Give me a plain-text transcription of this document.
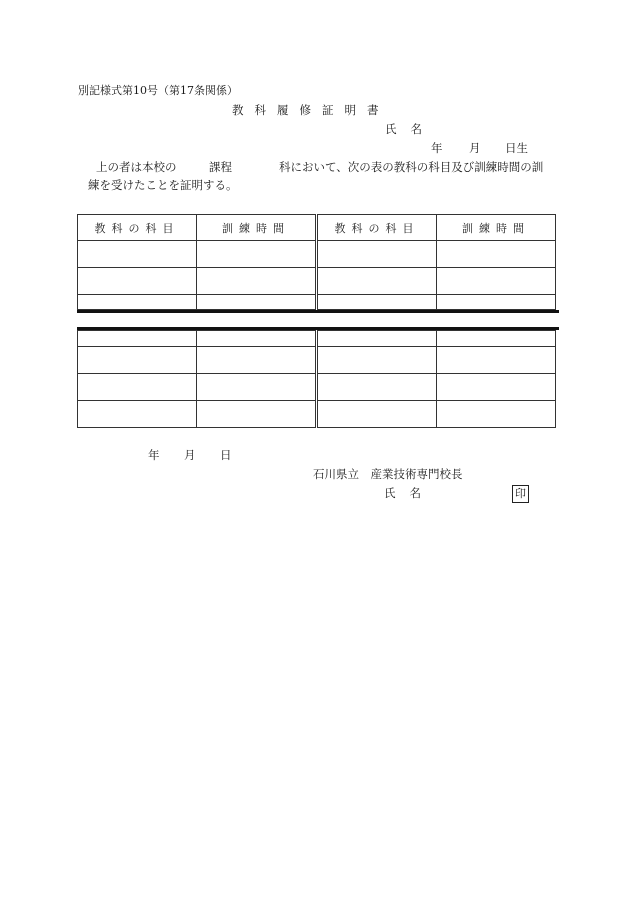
別記様式第10号（第17条関係）
教科履修証明書
氏名
年 月 日生
上の者は本校の	課程	科において、次の表の教科の科目及び訓練時間の訓
練を受けたことを証明する。
教科の科目	訓練時間	教科の科目	訓練時間

年 月 日
石川県立　産業技術専門校長
氏名	印
